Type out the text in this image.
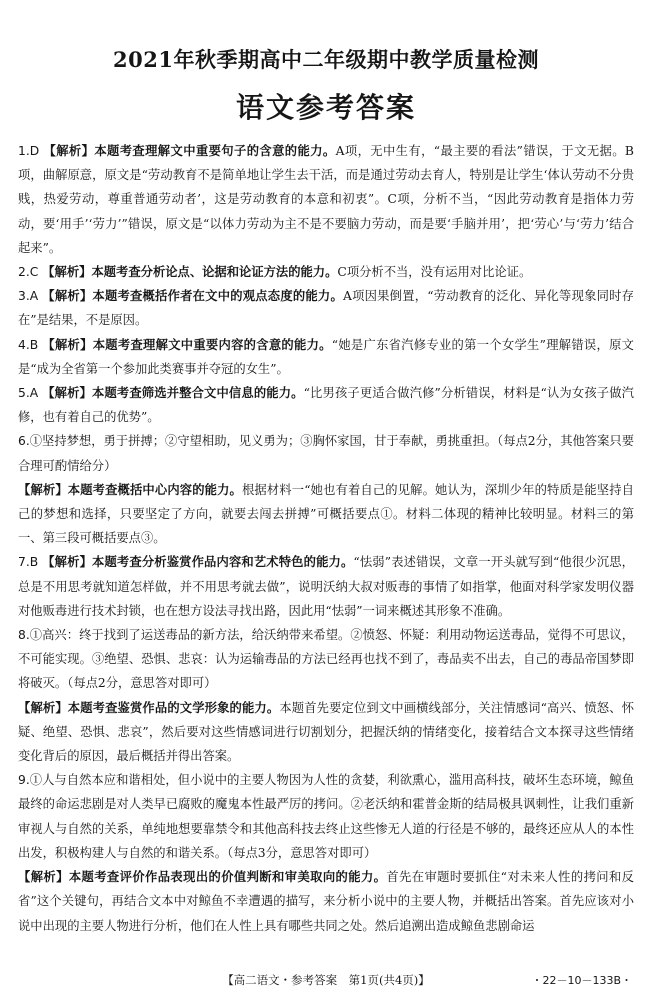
2021年秋季期高中二年级期中教学质量检测
语文参考答案
1.D 【解析】本题考查理解文中重要句子的含意的能力。A项，无中生有，“最主要的看法”错误，于文无据。B项，曲解原意，原文是“劳动教育不是简单地让学生去干活，而是通过劳动去育人，特别是让学生‘体认劳动不分贵贱，热爱劳动，尊重普通劳动者’，这是劳动教育的本意和初衷”。C项，分析不当，“因此劳动教育是指体力劳动，要‘用手’‘劳力’”错误，原文是“以体力劳动为主不是不要脑力劳动，而是要‘手脑并用’，把‘劳心’与‘劳力’结合起来”。
2.C 【解析】本题考查分析论点、论据和论证方法的能力。C项分析不当，没有运用对比论证。
3.A 【解析】本题考查概括作者在文中的观点态度的能力。A项因果倒置，“劳动教育的泛化、异化等现象同时存在”是结果，不是原因。
4.B 【解析】本题考查理解文中重要内容的含意的能力。“她是广东省汽修专业的第一个女学生”理解错误，原文是“成为全省第一个参加此类赛事并夺冠的女生”。
5.A 【解析】本题考查筛选并整合文中信息的能力。“比男孩子更适合做汽修”分析错误，材料是“认为女孩子做汽修，也有着自己的优势”。
6.①坚持梦想，勇于拼搏；②守望相助，见义勇为；③胸怀家国，甘于奉献，勇挑重担。（每点2分，其他答案只要合理可酌情给分）
【解析】本题考查概括中心内容的能力。根据材料一“她也有着自己的见解。她认为，深圳少年的特质是能坚持自己的梦想和选择，只要坚定了方向，就要去闯去拼搏”可概括要点①。材料二体现的精神比较明显。材料三的第一、第三段可概括要点③。
7.B 【解析】本题考查分析鉴赏作品内容和艺术特色的能力。“怯弱”表述错误，文章一开头就写到“他很少沉思，总是不用思考就知道怎样做，并不用思考就去做”，说明沃纳大叔对贩毒的事情了如指掌，他面对科学家发明仪器对他贩毒进行技术封锁，也在想方设法寻找出路，因此用“怯弱”一词来概述其形象不准确。
8.①高兴：终于找到了运送毒品的新方法，给沃纳带来希望。②愤怒、怀疑：利用动物运送毒品，觉得不可思议，不可能实现。③绝望、恐惧、悲哀：认为运输毒品的方法已经再也找不到了，毒品卖不出去，自己的毒品帝国梦即将破灭。（每点2分，意思答对即可）
【解析】本题考查鉴赏作品的文学形象的能力。本题首先要定位到文中画横线部分，关注情感词“高兴、愤怒、怀疑、绝望、恐惧、悲哀”，然后要对这些情感词进行切割划分，把握沃纳的情绪变化，接着结合文本探寻这些情绪变化背后的原因，最后概括并得出答案。
9.①人与自然本应和谐相处，但小说中的主要人物因为人性的贪婪，利欲熏心，滥用高科技，破坏生态环境，鲸鱼最终的命运悲剧是对人类早已腐败的魔鬼本性最严厉的拷问。②老沃纳和霍普金斯的结局极具讽刺性，让我们重新审视人与自然的关系，单纯地想要靠禁令和其他高科技去终止这些惨无人道的行径是不够的，最终还应从人的本性出发，积极构建人与自然的和谐关系。（每点3分，意思答对即可）
【解析】本题考查评价作品表现出的价值判断和审美取向的能力。首先在审题时要抓住“对未来人性的拷问和反省”这个关键句，再结合文本中对鲸鱼不幸遭遇的描写，来分析小说中的主要人物，并概括出答案。首先应该对小说中出现的主要人物进行分析，他们在人性上具有哪些共同之处。然后追溯出造成鲸鱼悲剧命运
【高二语文・参考答案　第1页(共4页)】	・22－10－133B・
